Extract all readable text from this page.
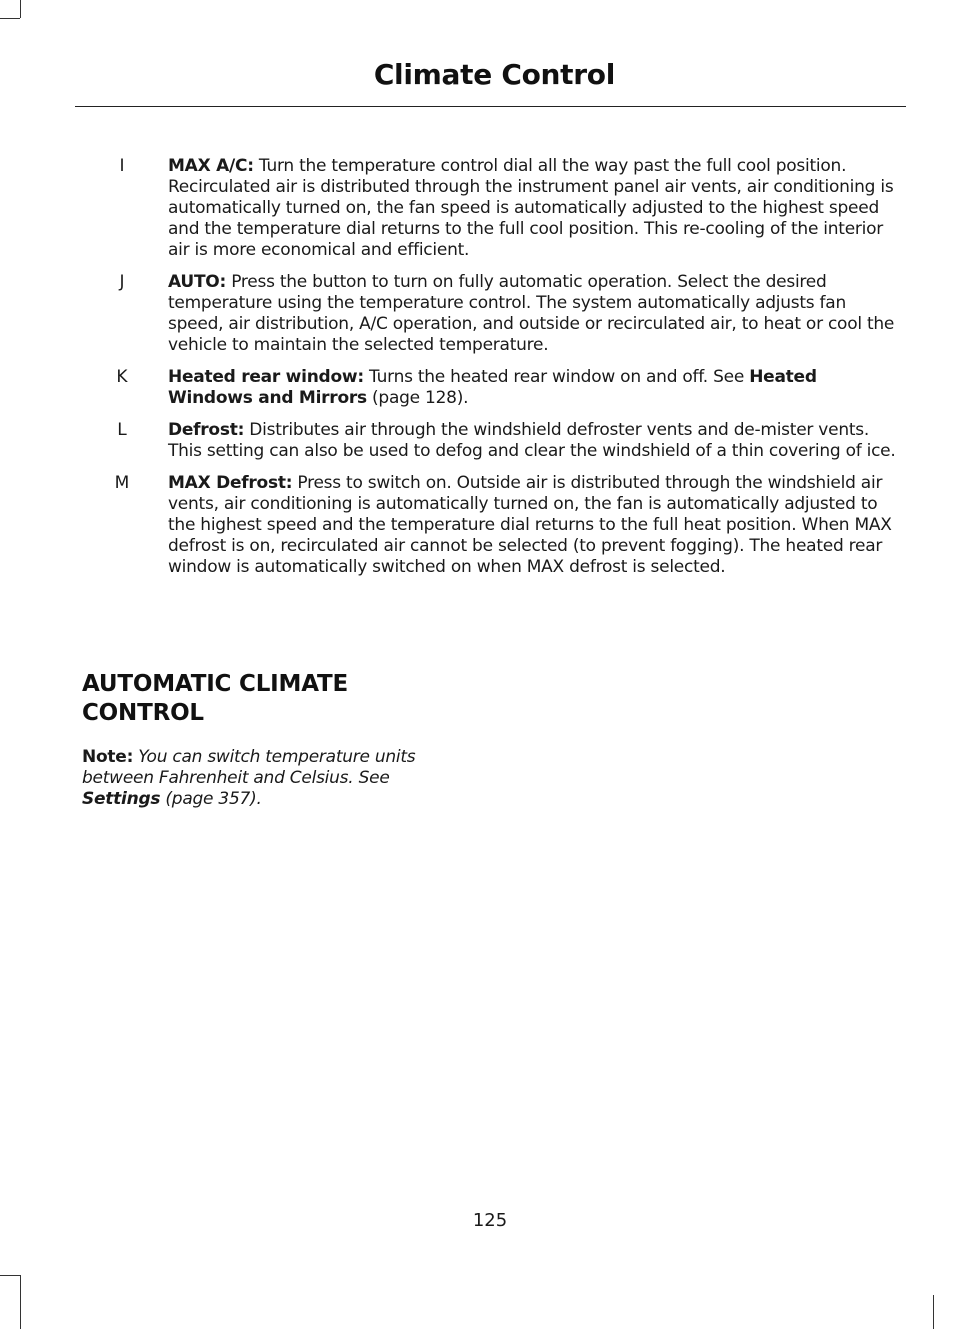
Climate Control
I	MAX A/C: Turn the temperature control dial all the way past the full cool position. Recirculated air is distributed through the instrument panel air vents, air conditioning is automatically turned on, the fan speed is automatically adjusted to the highest speed and the temperature dial returns to the full cool position. This re-cooling of the interior air is more economical and efficient.
J	AUTO: Press the button to turn on fully automatic operation. Select the desired temperature using the temperature control. The system automatically adjusts fan speed, air distribution, A/C operation, and outside or recirculated air, to heat or cool the vehicle to maintain the selected temperature.
K Heated rear window: Turns the heated rear window on and off. See Heated Windows and Mirrors (page 128).
L	Defrost: Distributes air through the windshield defroster vents and de-mister vents. This setting can also be used to defog and clear the windshield of a thin covering of ice.
M MAX Defrost: Press to switch on. Outside air is distributed through the windshield air vents, air conditioning is automatically turned on, the fan is automatically adjusted to the highest speed and the temperature dial returns to the full heat position. When MAX defrost is on, recirculated air cannot be selected (to prevent fogging). The heated rear window is automatically switched on when MAX defrost is selected.
AUTOMATIC CLIMATE
CONTROL
Note: You can switch temperature units between Fahrenheit and Celsius. See Settings (page 357).
125
